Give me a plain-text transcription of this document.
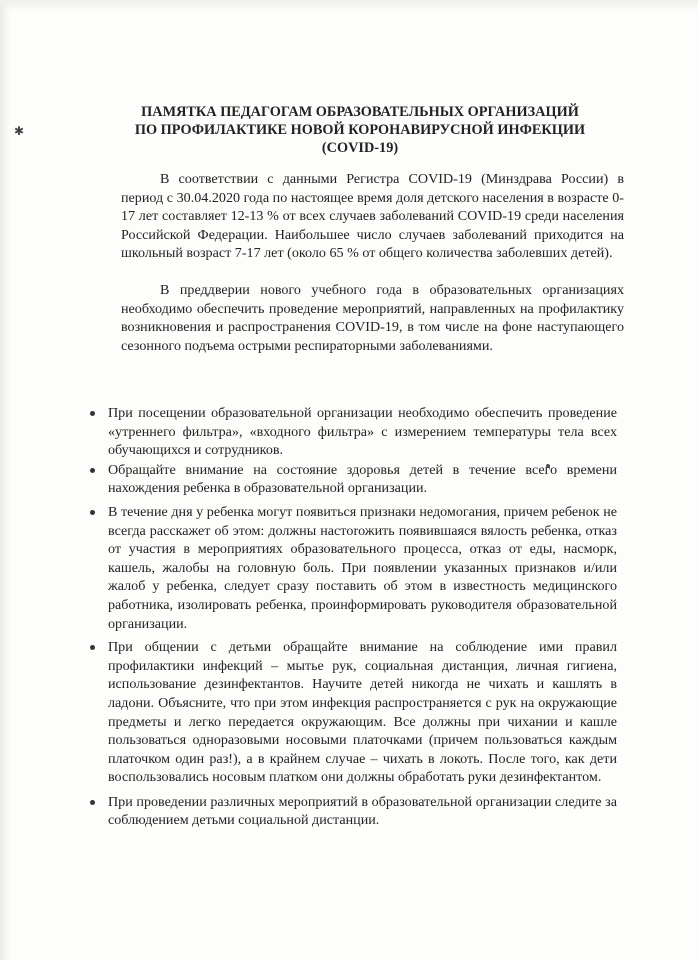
✱
ПАМЯТКА ПЕДАГОГАМ ОБРАЗОВАТЕЛЬНЫХ ОРГАНИЗАЦИЙ
ПО ПРОФИЛАКТИКЕ НОВОЙ КОРОНАВИРУСНОЙ ИНФЕКЦИИ
(COVID-19)
В соответствии с данными Регистра COVID-19 (Минздрава России) в период с 30.04.2020 года по настоящее время доля детского населения в возрасте 0-17 лет составляет 12-13 % от всех случаев заболеваний COVID-19 среди населения Российской Федерации. Наибольшее число случаев заболеваний приходится на школьный возраст 7-17 лет (около 65 % от общего количества заболевших детей).
В преддверии нового учебного года в образовательных организациях необходимо обеспечить проведение мероприятий, направленных на профилактику возникновения и распространения COVID-19, в том числе на фоне наступающего сезонного подъема острыми респираторными заболеваниями.
При посещении образовательной организации необходимо обеспечить проведение «утреннего фильтра», «входного фильтра» с измерением температуры тела всех обучающихся и сотрудников.
Обращайте внимание на состояние здоровья детей в течение всего времени нахождения ребенка в образовательной организации.
В течение дня у ребенка могут появиться признаки недомогания, причем ребенок не всегда расскажет об этом: должны настorожить появившаяся вялость ребенка, отказ от участия в мероприятиях образовательного процесса, отказ от еды, насморк, кашель, жалобы на головную боль. При появлении указанных признаков и/или жалоб у ребенка, следует сразу поставить об этом в известность медицинского работника, изолировать ребенка, проинформировать руководителя образовательной организации.
При общении с детьми обращайте внимание на соблюдение ими правил профилактики инфекций – мытье рук, социальная дистанция, личная гигиена, использование дезинфектантов. Научите детей никогда не чихать и кашлять в ладони. Объясните, что при этом инфекция распространяется с рук на окружающие предметы и легко передается окружающим. Все должны при чихании и кашле пользоваться одноразовыми носовыми платочками (причем пользоваться каждым платочком один раз!), а в крайнем случае – чихать в локоть. После того, как дети воспользовались носовым платком они должны обработать руки дезинфектантом.
При проведении различных мероприятий в образовательной организации следите за соблюдением детьми социальной дистанции.
